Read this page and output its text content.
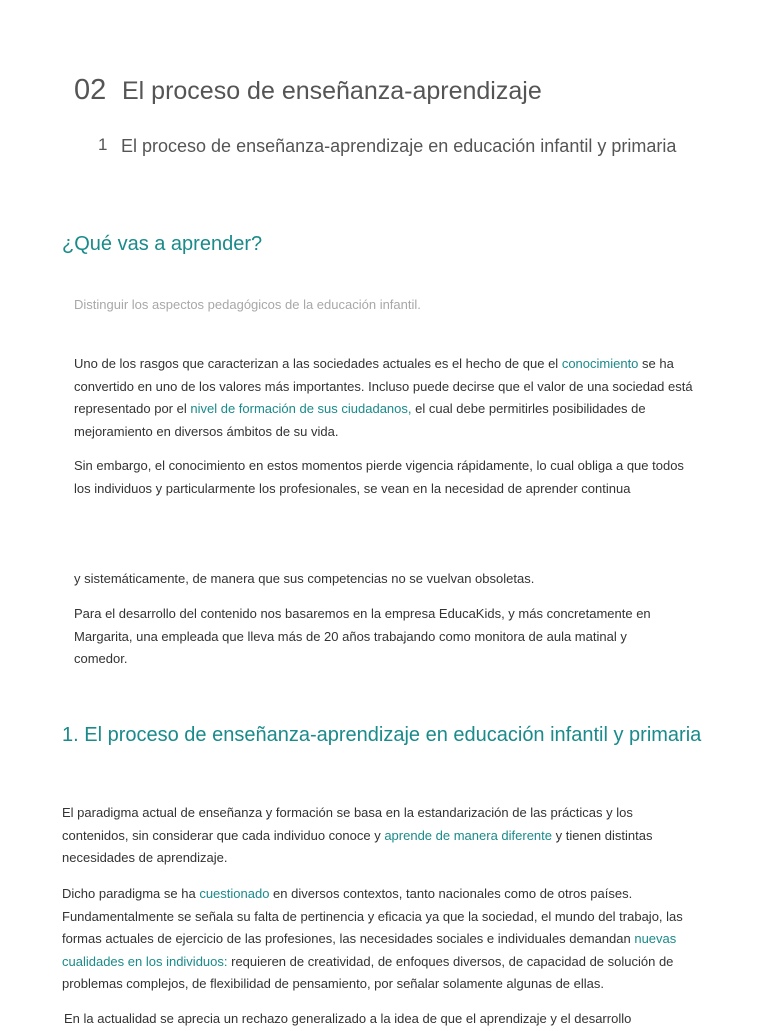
02 El proceso de enseñanza-aprendizaje
1 El proceso de enseñanza-aprendizaje en educación infantil y primaria
¿Qué vas a aprender?
Distinguir los aspectos pedagógicos de la educación infantil.

Uno de los rasgos que caracterizan a las sociedades actuales es el hecho de que el conocimiento se ha convertido en uno de los valores más importantes. Incluso puede decirse que el valor de una sociedad está representado por el nivel de formación de sus ciudadanos, el cual debe permitirles posibilidades de mejoramiento en diversos ámbitos de su vida.

Sin embargo, el conocimiento en estos momentos pierde vigencia rápidamente, lo cual obliga a que todos los individuos y particularmente los profesionales, se vean en la necesidad de aprender continua

y sistemáticamente, de manera que sus competencias no se vuelvan obsoletas.

Para el desarrollo del contenido nos basaremos en la empresa EducaKids, y más concretamente en Margarita, una empleada que lleva más de 20 años trabajando como monitora de aula matinal y comedor.

1. El proceso de enseñanza-aprendizaje en educación infantil y primaria

El paradigma actual de enseñanza y formación se basa en la estandarización de las prácticas y los contenidos, sin considerar que cada individuo conoce y aprende de manera diferente y tienen distintas necesidades de aprendizaje.

Dicho paradigma se ha cuestionado en diversos contextos, tanto nacionales como de otros países. Fundamentalmente se señala su falta de pertinencia y eficacia ya que la sociedad, el mundo del trabajo, las formas actuales de ejercicio de las profesiones, las necesidades sociales e individuales demandan nuevas cualidades en los individuos: requieren de creatividad, de enfoques diversos, de capacidad de solución de problemas complejos, de flexibilidad de pensamiento, por señalar solamente algunas de ellas.

En la actualidad se aprecia un rechazo generalizado a la idea de que el aprendizaje y el desarrollo
